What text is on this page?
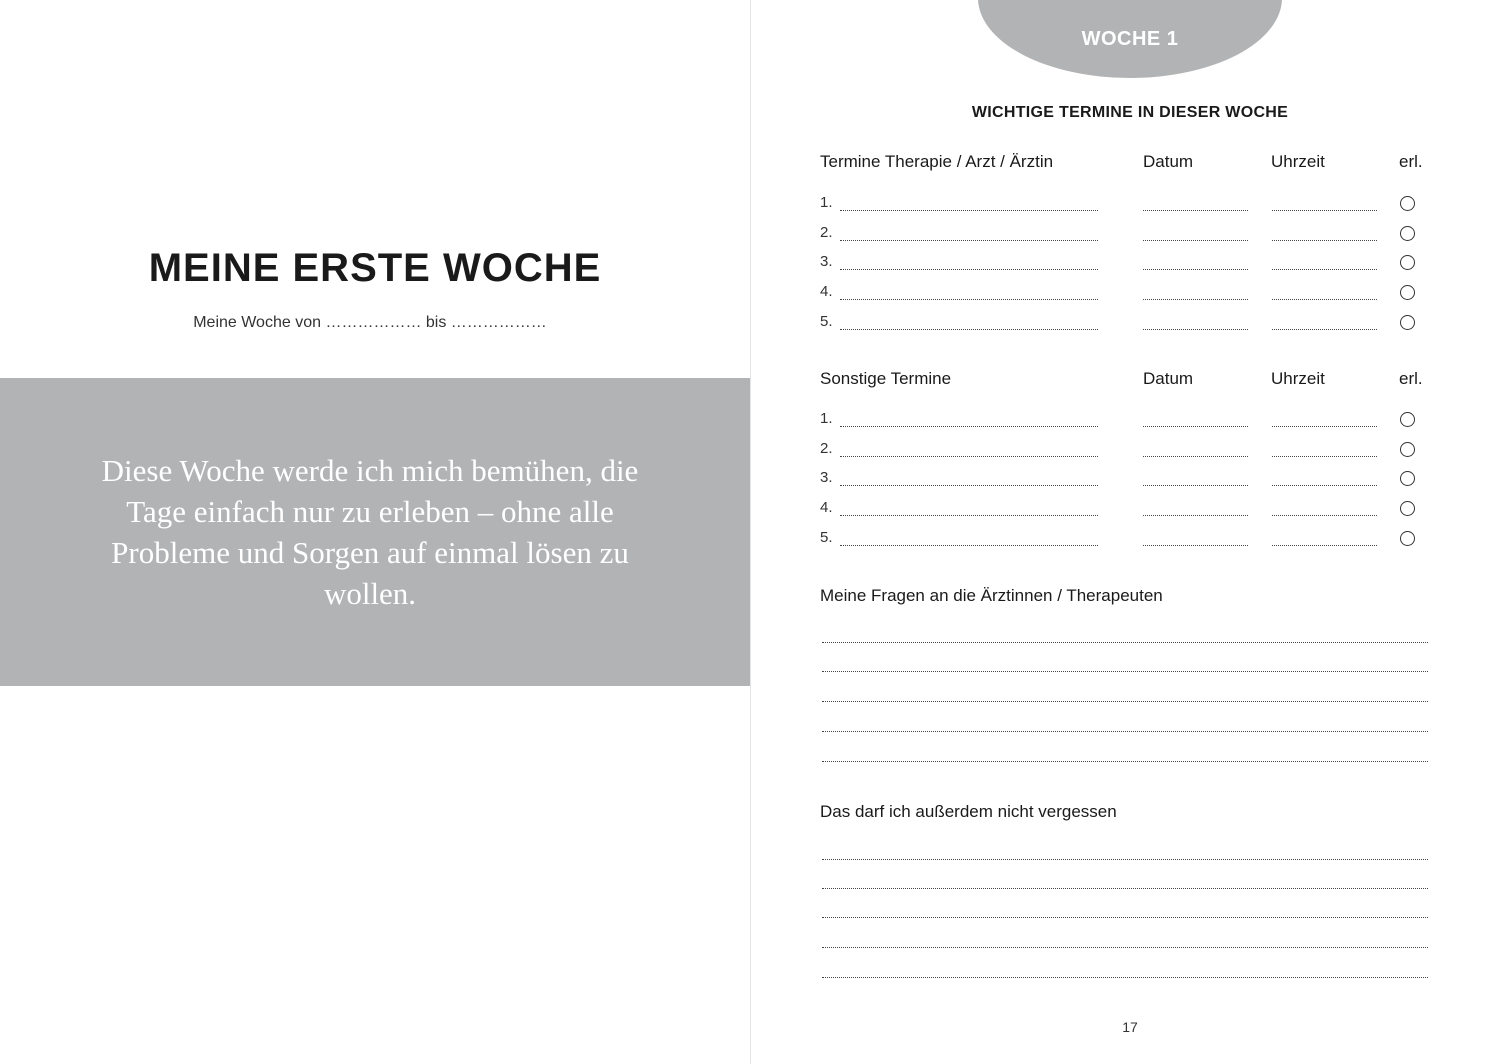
MEINE ERSTE WOCHE
Meine Woche von ……………… bis ………………
Diese Woche werde ich mich bemühen, die Tage einfach nur zu erleben – ohne alle Probleme und Sorgen auf einmal lösen zu wollen.
WOCHE 1
WICHTIGE TERMINE IN DIESER WOCHE
Termine Therapie / Arzt / Ärztin	Datum	Uhrzeit	erl.
1.
2.
3.
4.
5.
Sonstige Termine	Datum	Uhrzeit	erl.
1.
2.
3.
4.
5.
Meine Fragen an die Ärztinnen / Therapeuten
Das darf ich außerdem nicht vergessen
17
